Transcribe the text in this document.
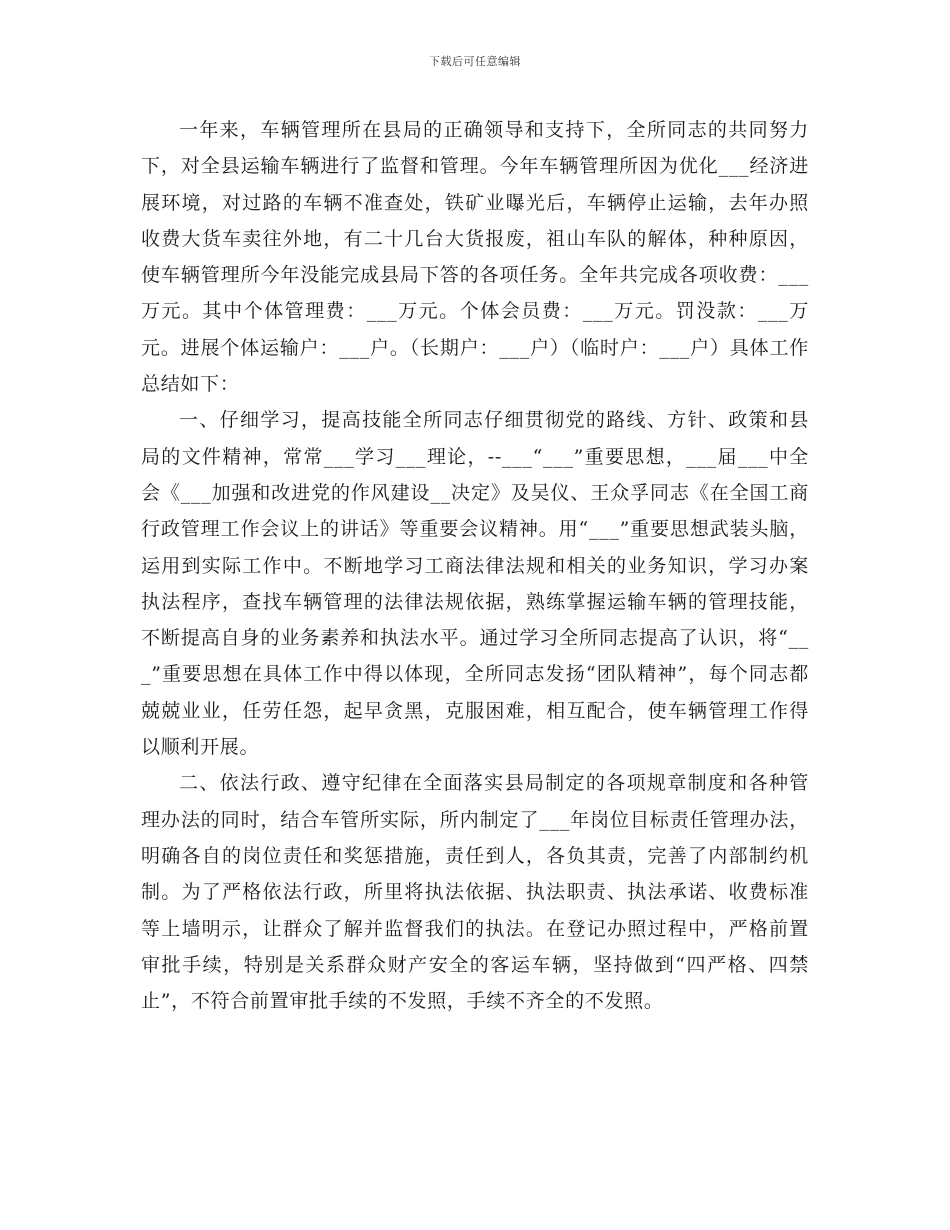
下载后可任意编辑

一年来，车辆管理所在县局的正确领导和支持下，全所同志的共同努力下，对全县运输车辆进行了监督和管理。今年车辆管理所因为优化___经济进展环境，对过路的车辆不准查处，铁矿业曝光后，车辆停止运输，去年办照收费大货车卖往外地，有二十几台大货报废，祖山车队的解体，种种原因，使车辆管理所今年没能完成县局下答的各项任务。全年共完成各项收费：___万元。其中个体管理费：___万元。个体会员费：___万元。罚没款：___万元。进展个体运输户：___户。（长期户：___户）（临时户：___户）具体工作总结如下：

一、仔细学习，提高技能全所同志仔细贯彻党的路线、方针、政策和县局的文件精神，常常___学习___理论，--___“___”重要思想，___届___中全会《___加强和改进党的作风建设__决定》及吴仪、王众孚同志《在全国工商行政管理工作会议上的讲话》等重要会议精神。用“___”重要思想武装头脑，运用到实际工作中。不断地学习工商法律法规和相关的业务知识，学习办案执法程序，查找车辆管理的法律法规依据，熟练掌握运输车辆的管理技能，不断提高自身的业务素养和执法水平。通过学习全所同志提高了认识，将“___”重要思想在具体工作中得以体现，全所同志发扬“团队精神”，每个同志都兢兢业业，任劳任怨，起早贪黑，克服困难，相互配合，使车辆管理工作得以顺利开展。

二、依法行政、遵守纪律在全面落实县局制定的各项规章制度和各种管理办法的同时，结合车管所实际，所内制定了___年岗位目标责任管理办法，明确各自的岗位责任和奖惩措施，责任到人，各负其责，完善了内部制约机制。为了严格依法行政，所里将执法依据、执法职责、执法承诺、收费标准等上墙明示，让群众了解并监督我们的执法。在登记办照过程中，严格前置审批手续，特别是关系群众财产安全的客运车辆，坚持做到“四严格、四禁止”，不符合前置审批手续的不发照，手续不齐全的不发照。
